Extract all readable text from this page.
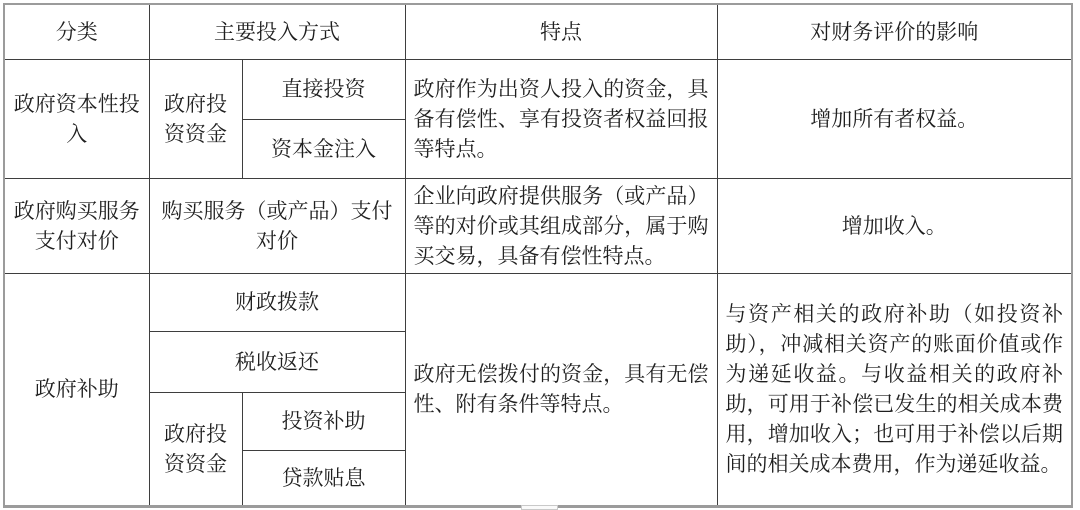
分类	主要投入方式		特点	对财务评价的影响
政府资本性投入	政府投资资金	直接投资	政府作为出资人投入的资金，具备有偿性、享有投资者权益回报等特点。	增加所有者权益。
		资本金注入		
政府购买服务支付对价	购买服务（或产品）支付对价		企业向政府提供服务（或产品）等的对价或其组成部分，属于购买交易，具备有偿性特点。	增加收入。
政府补助	财政拨款		政府无偿拨付的资金，具有无偿性、附有条件等特点。	与资产相关的政府补助（如投资补助），冲减相关资产的账面价值或作为递延收益。与收益相关的政府补助，可用于补偿已发生的相关成本费用，增加收入；也可用于补偿以后期间的相关成本费用，作为递延收益。
	税收返还			
	政府投资资金	投资补助		
		贷款贴息		
